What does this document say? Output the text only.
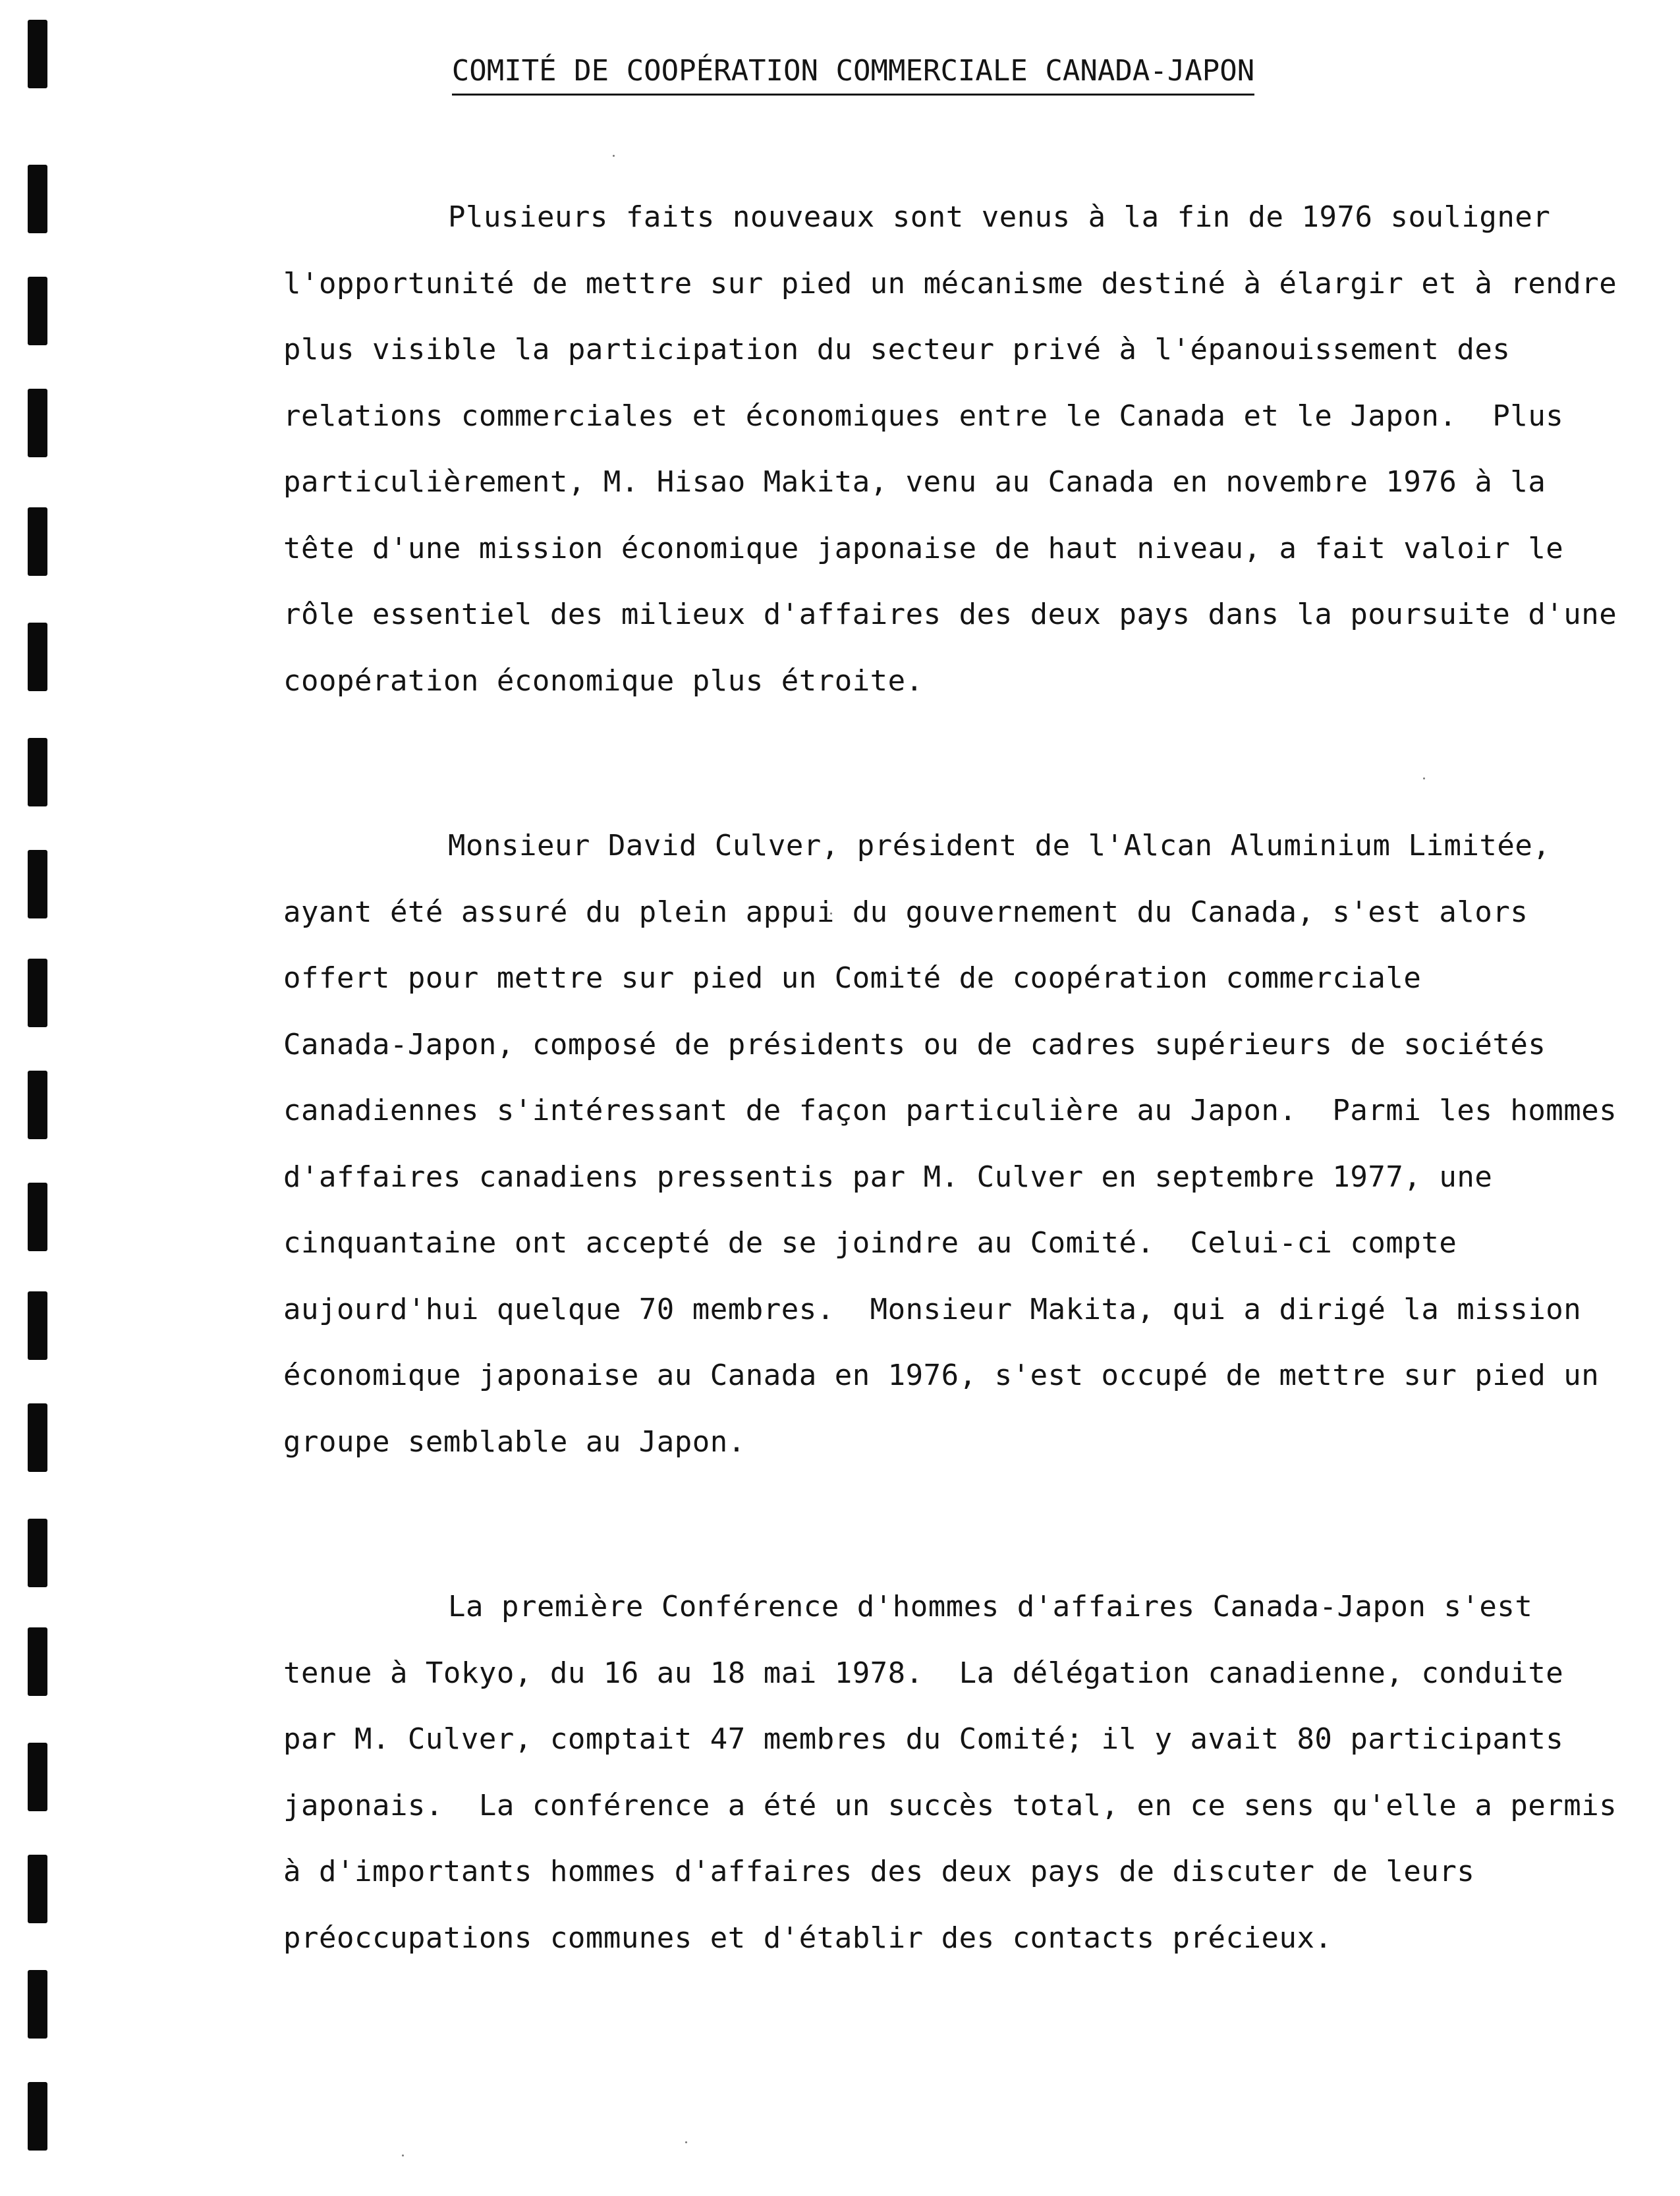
COMITÉ DE COOPÉRATION COMMERCIALE CANADA-JAPON

Plusieurs faits nouveaux sont venus à la fin de 1976 souligner
l'opportunité de mettre sur pied un mécanisme destiné à élargir et à rendre
plus visible la participation du secteur privé à l'épanouissement des
relations commerciales et économiques entre le Canada et le Japon.  Plus
particulièrement, M. Hisao Makita, venu au Canada en novembre 1976 à la
tête d'une mission économique japonaise de haut niveau, a fait valoir le
rôle essentiel des milieux d'affaires des deux pays dans la poursuite d'une
coopération économique plus étroite.

Monsieur David Culver, président de l'Alcan Aluminium Limitée,
ayant été assuré du plein appui du gouvernement du Canada, s'est alors
offert pour mettre sur pied un Comité de coopération commerciale
Canada-Japon, composé de présidents ou de cadres supérieurs de sociétés
canadiennes s'intéressant de façon particulière au Japon.  Parmi les hommes
d'affaires canadiens pressentis par M. Culver en septembre 1977, une
cinquantaine ont accepté de se joindre au Comité.  Celui-ci compte
aujourd'hui quelque 70 membres.  Monsieur Makita, qui a dirigé la mission
économique japonaise au Canada en 1976, s'est occupé de mettre sur pied un
groupe semblable au Japon.

La première Conférence d'hommes d'affaires Canada-Japon s'est
tenue à Tokyo, du 16 au 18 mai 1978.  La délégation canadienne, conduite
par M. Culver, comptait 47 membres du Comité; il y avait 80 participants
japonais.  La conférence a été un succès total, en ce sens qu'elle a permis
à d'importants hommes d'affaires des deux pays de discuter de leurs
préoccupations communes et d'établir des contacts précieux.
